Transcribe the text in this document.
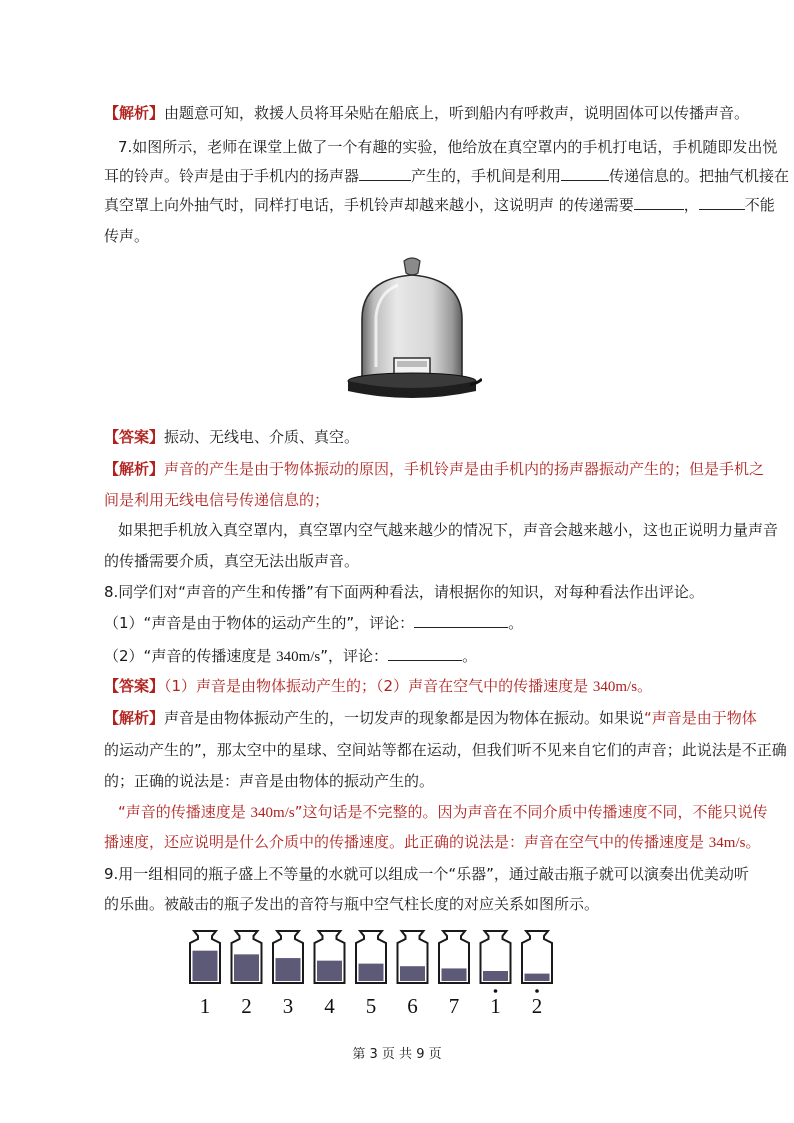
【解析】由题意可知，救援人员将耳朵贴在船底上，听到船内有呼救声，说明固体可以传播声音。
7.如图所示，老师在课堂上做了一个有趣的实验，他给放在真空罩内的手机打电话，手机随即发出悦
耳的铃声。铃声是由于手机内的扬声器	产生的，手机间是利用	传递信息的。把抽气机接在
真空罩上向外抽气时，同样打电话，手机铃声却越来越小，这说明声 的传递需要	，	不能
传声。
【答案】振动、无线电、介质、真空。
【解析】声音的产生是由于物体振动的原因，手机铃声是由手机内的扬声器振动产生的；但是手机之
间是利用无线电信号传递信息的；
如果把手机放入真空罩内，真空罩内空气越来越少的情况下，声音会越来越小，这也正说明力量声音
的传播需要介质，真空无法出版声音。
8.同学们对“声音的产生和传播”有下面两种看法，请根据你的知识，对每种看法作出评论。
（1）“声音是由于物体的运动产生的”，评论：	。
（2）“声音的传播速度是 340m/s”，评论：	。
【答案】（1）声音是由物体振动产生的；（2）声音在空气中的传播速度是 340m/s。
【解析】声音是由物体振动产生的，一切发声的现象都是因为物体在振动。如果说“声音是由于物体
的运动产生的”，那太空中的星球、空间站等都在运动，但我们听不见来自它们的声音；此说法是不正确
的；正确的说法是：声音是由物体的振动产生的。
“声音的传播速度是 340m/s”这句话是不完整的。因为声音在不同介质中传播速度不同，不能只说传
播速度，还应说明是什么介质中的传播速度。此正确的说法是：声音在空气中的传播速度是 34m/s。
9.用一组相同的瓶子盛上不等量的水就可以组成一个“乐器”，通过敲击瓶子就可以演奏出优美动听
的乐曲。被敲击的瓶子发出的音符与瓶中空气柱长度的对应关系如图所示。
1 2 3 4 5 6 7 1 2
第 3 页 共 9 页
